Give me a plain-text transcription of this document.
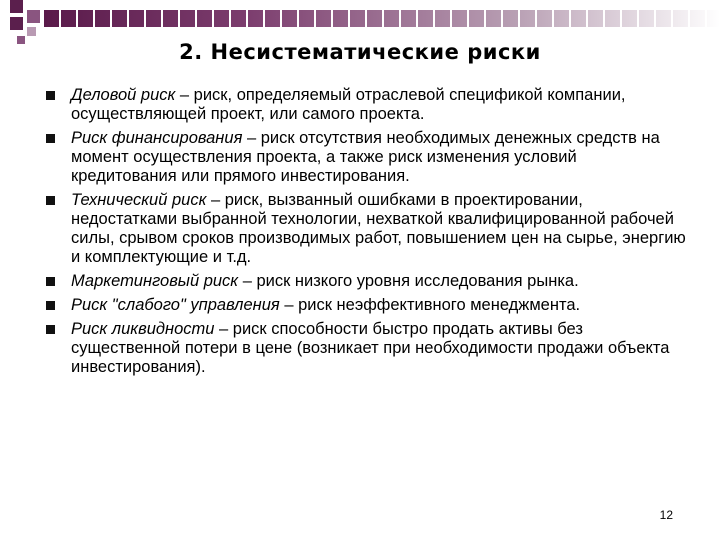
2. Несистематические риски
Деловой риск – риск, определяемый отраслевой спецификой компании, осуществляющей проект, или самого проекта.
Риск финансирования – риск отсутствия необходимых денежных средств на момент осуществления проекта, а также риск изменения условий кредитования или прямого инвестирования.
Технический риск – риск, вызванный ошибками в проектировании, недостатками выбранной технологии, нехваткой квалифицированной рабочей силы, срывом сроков производимых работ, повышением цен на сырье, энергию и комплектующие и т.д.
Маркетинговый риск – риск низкого уровня исследования рынка.
Риск "слабого" управления – риск неэффективного менеджмента.
Риск ликвидности – риск способности быстро продать активы без существенной потери в цене (возникает при необходимости продажи объекта инвестирования).
12
